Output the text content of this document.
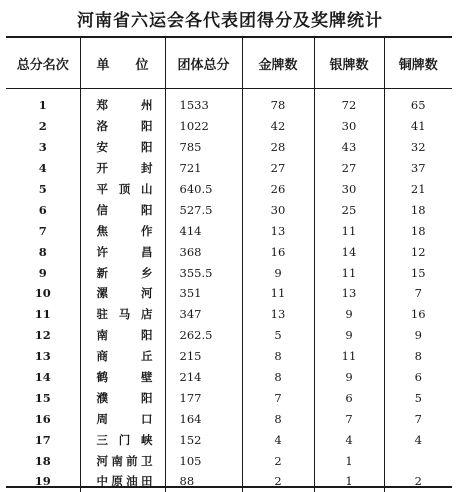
河南省六运会各代表团得分及奖牌统计
总分名次	单　　位	团体总分	金牌数	银牌数	铜牌数
1	郑州	1533	78	72	65
2	洛阳	1022	42	30	41
3	安阳	785	28	43	32
4	开封	721	27	27	37
5	平顶山	640.5	26	30	21
6	信阳	527.5	30	25	18
7	焦作	414	13	11	18
8	许昌	368	16	14	12
9	新乡	355.5	9	11	15
10	漯河	351	11	13	7
11	驻马店	347	13	9	16
12	南阳	262.5	5	9	9
13	商丘	215	8	11	8
14	鹤壁	214	8	9	6
15	濮阳	177	7	6	5
16	周口	164	8	7	7
17	三门峡	152	4	4	4
18	河南前卫	105	2	1	
19	中原油田	88	2	1	2
